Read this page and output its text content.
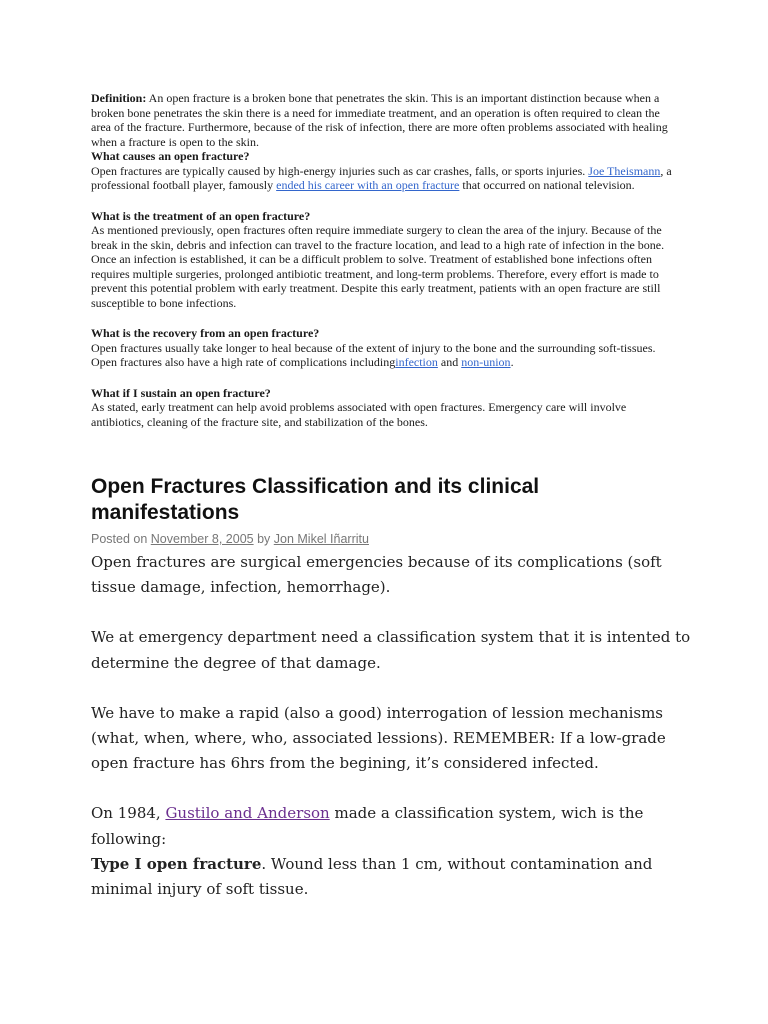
Definition: An open fracture is a broken bone that penetrates the skin. This is an important distinction because when a broken bone penetrates the skin there is a need for immediate treatment, and an operation is often required to clean the area of the fracture. Furthermore, because of the risk of infection, there are more often problems associated with healing when a fracture is open to the skin.

What causes an open fracture?

Open fractures are typically caused by high-energy injuries such as car crashes, falls, or sports injuries. Joe Theismann, a professional football player, famously ended his career with an open fracture that occurred on national television.

What is the treatment of an open fracture?

As mentioned previously, open fractures often require immediate surgery to clean the area of the injury. Because of the break in the skin, debris and infection can travel to the fracture location, and lead to a high rate of infection in the bone. Once an infection is established, it can be a difficult problem to solve. Treatment of established bone infections often requires multiple surgeries, prolonged antibiotic treatment, and long-term problems. Therefore, every effort is made to prevent this potential problem with early treatment. Despite this early treatment, patients with an open fracture are still susceptible to bone infections.

What is the recovery from an open fracture?

Open fractures usually take longer to heal because of the extent of injury to the bone and the surrounding soft-tissues. Open fractures also have a high rate of complications includinginfection and non-union.

What if I sustain an open fracture?

As stated, early treatment can help avoid problems associated with open fractures. Emergency care will involve antibiotics, cleaning of the fracture site, and stabilization of the bones.

Open Fractures Classification and its clinical manifestations
Posted on November 8, 2005 by Jon Mikel Iñarritu

Open fractures are surgical emergencies because of its complications (soft tissue damage, infection, hemorrhage).

We at emergency department need a classification system that it is intented to determine the degree of that damage.

We have to make a rapid (also a good) interrogation of lession mechanisms (what, when, where, who, associated lessions). REMEMBER: If a low-grade open fracture has 6hrs from the begining, it’s considered infected.

On 1984, Gustilo and Anderson made a classification system, wich is the following:

Type I open fracture. Wound less than 1 cm, without contamination and minimal injury of soft tissue.
